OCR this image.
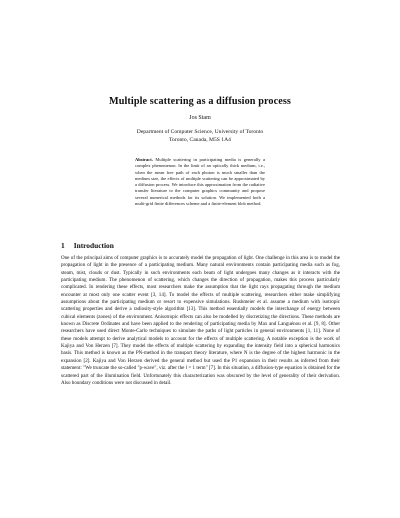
Multiple scattering as a diffusion process
Jos Stam
Department of Computer Science, University of Toronto
Toronto, Canada, M5S 1A4
Abstract. Multiple scattering in participating media is generally a complex phenomenon. In the limit of an optically thick medium, i.e., when the mean free path of each photon is much smaller than the medium size, the effects of multiple scattering can be approximated by a diffusion process. We introduce this approximation from the radiative transfer literature to the computer graphics community and propose several numerical methods for its solution. We implemented both a multi-grid finite differences scheme and a finite-element blob method.
1 Introduction
One of the principal aims of computer graphics is to accurately model the propagation of light. One challenge in this area is to model the propagation of light in the presence of a participating medium. Many natural environments contain participating media such as fog, steam, mist, clouds or dust. Typically in such environments each beam of light undergoes many changes as it interacts with the participating medium. The phenomenon of scattering, which changes the direction of propagation, makes this process particularly complicated. In rendering these effects, most researchers make the assumption that the light rays propagating through the medium encounter at most only one scatter event [3, 14]. To model the effects of multiple scattering, researchers either make simplifying assumptions about the participating medium or resort to expensive simulations. Rushmeier et al. assume a medium with isotropic scattering properties and derive a radiosity-style algorithm [13]. This method essentially models the interchange of energy between cubical elements (zones) of the environment. Anisotropic effects can also be modelled by discretizing the directions. These methods are known as Discrete Ordinates and have been applied to the rendering of participating media by Max and Languénou et al. [9, 8]. Other researchers have used direct Monte-Carlo techniques to simulate the paths of light particles in general environments [1, 11]. None of these models attempt to derive analytical models to account for the effects of multiple scattering. A notable exception is the work of Kajiya and Von Herzen [7]. They model the effects of multiple scattering by expanding the intensity field into a spherical harmonics basis. This method is known as the PN-method in the transport theory literature, where N is the degree of the highest harmonic in the expansion [2]. Kajiya and Von Herzen derived the general method but used the P1 expansion in their results as inferred from their statement: "We truncate the so-called "p-wave", viz. after the l = 1 term" [7]. In this situation, a diffusion-type equation is obtained for the scattered part of the illumination field. Unfortunately this characterization was obscured by the level of generality of their derivation. Also boundary conditions were not discussed in detail.
